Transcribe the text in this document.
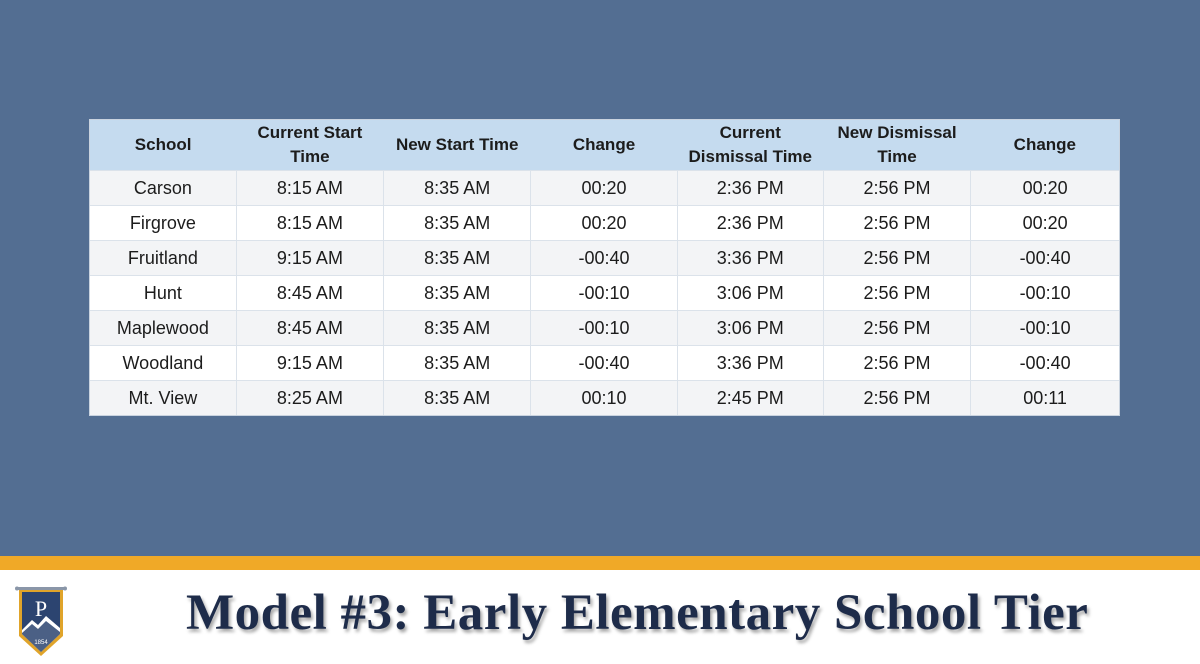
School	Current Start Time	New Start Time	Change	Current Dismissal Time	New Dismissal Time	Change
Carson	8:15 AM	8:35 AM	00:20	2:36 PM	2:56 PM	00:20
Firgrove	8:15 AM	8:35 AM	00:20	2:36 PM	2:56 PM	00:20
Fruitland	9:15 AM	8:35 AM	-00:40	3:36 PM	2:56 PM	-00:40
Hunt	8:45 AM	8:35 AM	-00:10	3:06 PM	2:56 PM	-00:10
Maplewood	8:45 AM	8:35 AM	-00:10	3:06 PM	2:56 PM	-00:10
Woodland	9:15 AM	8:35 AM	-00:40	3:36 PM	2:56 PM	-00:40
Mt. View	8:25 AM	8:35 AM	00:10	2:45 PM	2:56 PM	00:11
P
1854
Model #3: Early Elementary School Tier
